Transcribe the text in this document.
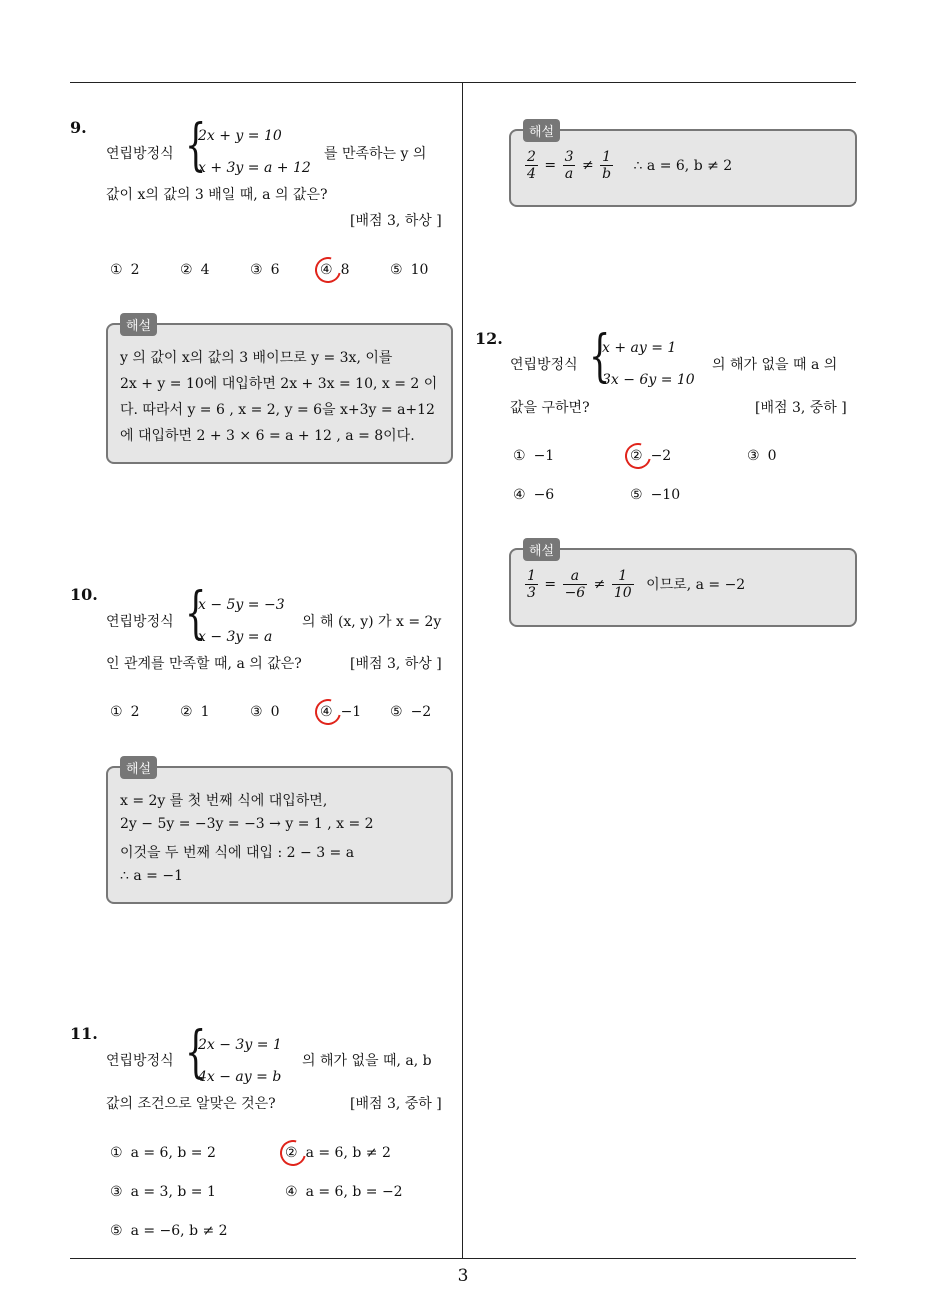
9.
연립방정식 {
2x + y = 10
x + 3y = a + 12
를 만족하는 y 의
값이 x의 값의 3 배일 때, a 의 값은?
[배점 3, 하상 ]
① 2	② 4	③ 6	④ 8	⑤ 10
해설
y 의 값이 x의 값의 3 배이므로 y = 3x, 이를
2x + y = 10에 대입하면 2x + 3x = 10, x = 2 이
다. 따라서 y = 6 , x = 2, y = 6을 x+3y = a+12
에 대입하면 2 + 3 × 6 = a + 12 , a = 8이다.
10.
연립방정식 {
x − 5y = −3
x − 3y = a
의 해 (x, y) 가 x = 2y
인 관계를 만족할 때, a 의 값은?	[배점 3, 하상 ]
① 2	② 1	③ 0	④ −1 ⑤ −2
해설
x = 2y 를 첫 번째 식에 대입하면,
2y − 5y = −3y = −3 → y = 1 , x = 2
이것을 두 번째 식에 대입 : 2 − 3 = a
∴ a = −1
11.
연립방정식 {
2x − 3y = 1
4x − ay = b
의 해가 없을 때, a, b
값의 조건으로 알맞은 것은?	[배점 3, 중하 ]
① a = 6, b = 2	② a = 6, b ≠ 2
③ a = 3, b = 1	④ a = 6, b = −2
⑤ a = −6, b ≠ 2
해설
$\frac{2}{4} = \frac{3}{a} \ne \frac{1}{b}$ ∴ a = 6, b ≠ 2
12.
연립방정식 {
x + ay = 1
3x − 6y = 10
의 해가 없을 때 a 의
값을 구하면?	[배점 3, 중하 ]
① −1	② −2	③ 0
④ −6	⑤ −10
해설
$\frac{1}{3} = \frac{a}{-6} \ne \frac{1}{10}$ 이므로, a = −2
3
